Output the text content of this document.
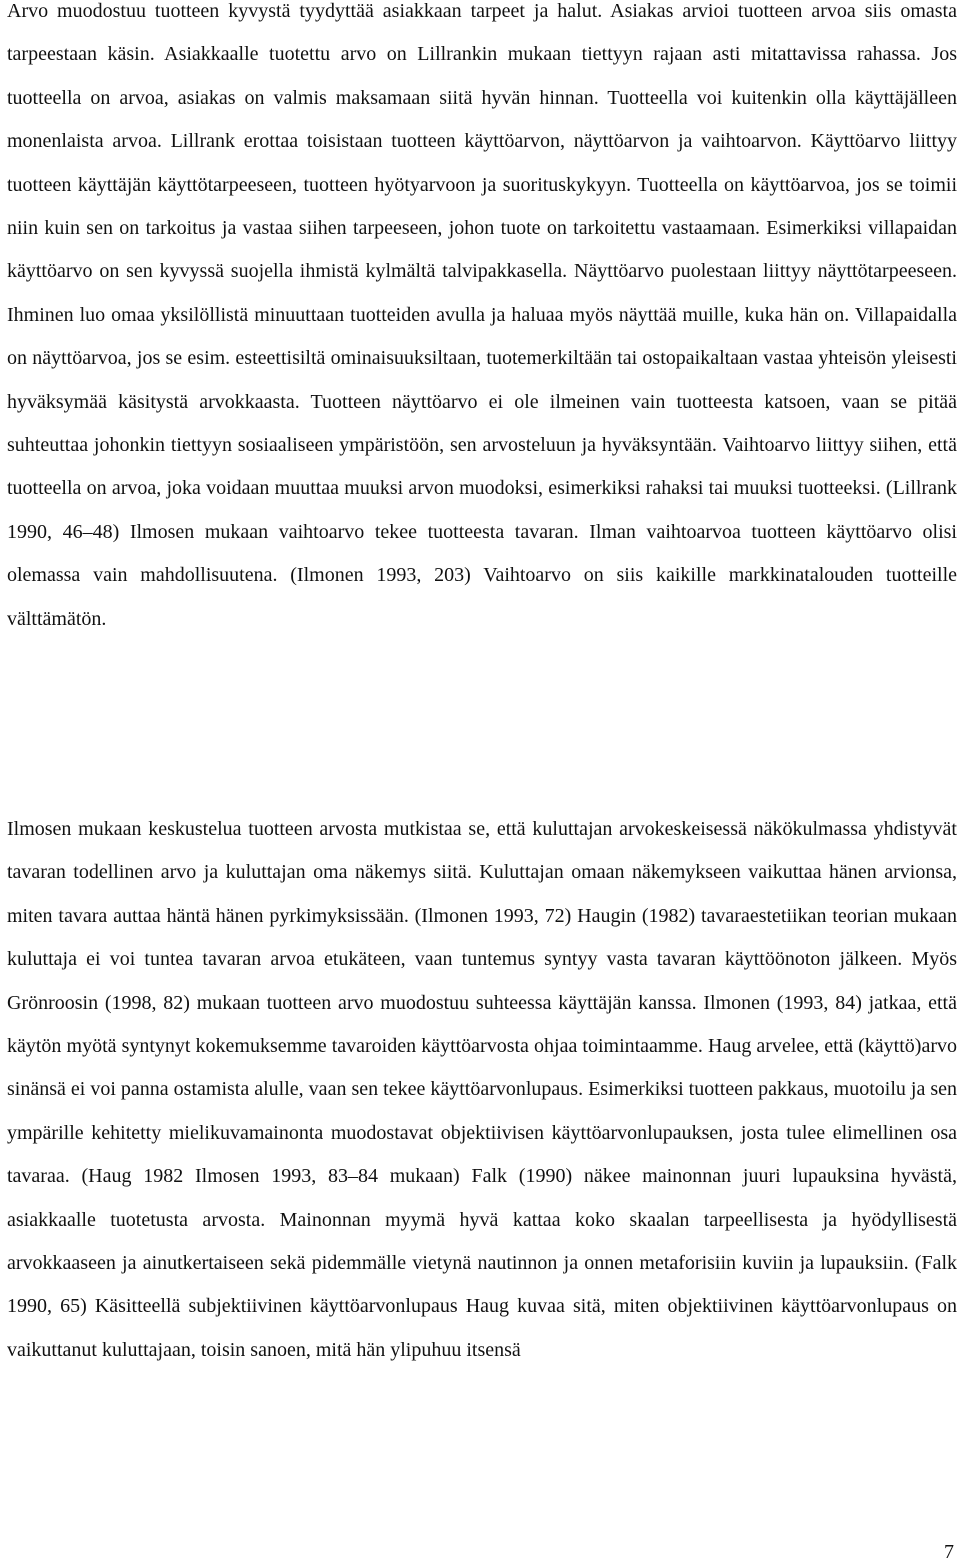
Arvo muodostuu tuotteen kyvystä tyydyttää asiakkaan tarpeet ja halut. Asiakas arvioi tuotteen arvoa siis omasta tarpeestaan käsin. Asiakkaalle tuotettu arvo on Lillrankin mukaan tiettyyn rajaan asti mitattavissa rahassa. Jos tuotteella on arvoa, asiakas on valmis maksamaan siitä hyvän hinnan. Tuotteella voi kuitenkin olla käyttäjälleen monenlaista arvoa. Lillrank erottaa toisistaan tuotteen käyttöarvon, näyttöarvon ja vaihtoarvon. Käyttöarvo liittyy tuotteen käyttäjän käyttötarpeeseen, tuotteen hyötyarvoon ja suorituskykyyn. Tuotteella on käyttöarvoa, jos se toimii niin kuin sen on tarkoitus ja vastaa siihen tarpeeseen, johon tuote on tarkoitettu vastaamaan. Esimerkiksi villapaidan käyttöarvo on sen kyvyssä suojella ihmistä kylmältä talvipakkasella. Näyttöarvo puolestaan liittyy näyttötarpeeseen. Ihminen luo omaa yksilöllistä minuuttaan tuotteiden avulla ja haluaa myös näyttää muille, kuka hän on. Villapaidalla on näyttöarvoa, jos se esim. esteettisiltä ominaisuuksiltaan, tuotemerkiltään tai ostopaikaltaan vastaa yhteisön yleisesti hyväksymää käsitystä arvokkaasta. Tuotteen näyttöarvo ei ole ilmeinen vain tuotteesta katsoen, vaan se pitää suhteuttaa johonkin tiettyyn sosiaaliseen ympäristöön, sen arvosteluun ja hyväksyntään. Vaihtoarvo liittyy siihen, että tuotteella on arvoa, joka voidaan muuttaa muuksi arvon muodoksi, esimerkiksi rahaksi tai muuksi tuotteeksi. (Lillrank 1990, 46–48) Ilmosen mukaan vaihtoarvo tekee tuotteesta tavaran. Ilman vaihtoarvoa tuotteen käyttöarvo olisi olemassa vain mahdollisuutena. (Ilmonen 1993, 203) Vaihtoarvo on siis kaikille markkinatalouden tuotteille välttämätön.

Ilmosen mukaan keskustelua tuotteen arvosta mutkistaa se, että kuluttajan arvokeskeisessä näkökulmassa yhdistyvät tavaran todellinen arvo ja kuluttajan oma näkemys siitä. Kuluttajan omaan näkemykseen vaikuttaa hänen arvionsa, miten tavara auttaa häntä hänen pyrkimyksissään. (Ilmonen 1993, 72) Haugin (1982) tavaraestetiikan teorian mukaan kuluttaja ei voi tuntea tavaran arvoa etukäteen, vaan tuntemus syntyy vasta tavaran käyttöönoton jälkeen. Myös Grönroosin (1998, 82) mukaan tuotteen arvo muodostuu suhteessa käyttäjän kanssa. Ilmonen (1993, 84) jatkaa, että käytön myötä syntynyt kokemuksemme tavaroiden käyttöarvosta ohjaa toimintaamme. Haug arvelee, että (käyttö)arvo sinänsä ei voi panna ostamista alulle, vaan sen tekee käyttöarvonlupaus. Esimerkiksi tuotteen pakkaus, muotoilu ja sen ympärille kehitetty mielikuvamainonta muodostavat objektiivisen käyttöarvonlupauksen, josta tulee elimellinen osa tavaraa. (Haug 1982 Ilmosen 1993, 83–84 mukaan) Falk (1990) näkee mainonnan juuri lupauksina hyvästä, asiakkaalle tuotetusta arvosta. Mainonnan myymä hyvä kattaa koko skaalan tarpeellisesta ja hyödyllisestä arvokkaaseen ja ainutkertaiseen sekä pidemmälle vietynä nautinnon ja onnen metaforisiin kuviin ja lupauksiin. (Falk 1990, 65) Käsitteellä subjektiivinen käyttöarvonlupaus Haug kuvaa sitä, miten objektiivinen käyttöarvonlupaus on vaikuttanut kuluttajaan, toisin sanoen, mitä hän ylipuhuu itsensä

7
